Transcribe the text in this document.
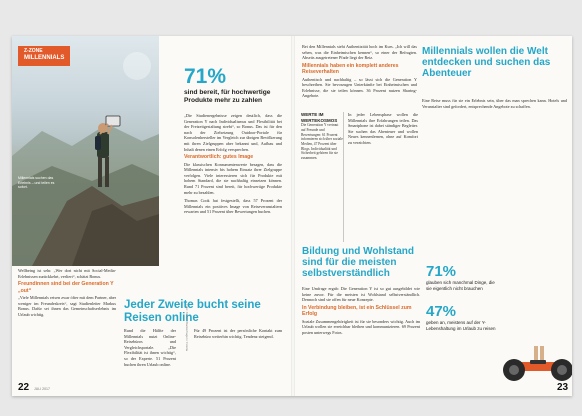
Z-ZONE
MILLENNIALS
Millennials suchen das Erlebnis – und teilen es sofort.
71%
sind bereit, für hochwertige Produkte mehr zu zahlen

„Die Studienergebnisse zeigen deutlich, dass die Generation Y nach Individualismus und Flexibilität bei der Freizeitgestaltung strebt“, so Bonus. Das ist für den nach der Zielsetzung Outdoor-Portale für Konsolenhersteller im Vergleich zur übrigen Bevölkerung mit ihren Zielgruppen aber bekannt und, Aufbau und Inhalt denen einen Erfolg versprechen.

Verantwortlich: gutes Image

Die klassischen Konsumentenwerte besagen, dass die Millennials intensiv bis hohem Einsatz ihrer Zielgruppe verfolgen. Viele interessieren sich für Produkte mit hohem Standard, die sie nachhaltig einsetzen können. Rund 71 Prozent sind bereit, für hochwertige Produkte mehr zu bezahlen.

Thomas Cook hat festgestellt, dass 57 Prozent der Millennials ein positives Image von Reiseveranstaltern erwarten und 51 Prozent über Bewertungen buchen.

Wellbeing ist sehr. „Wer dort nicht mit Social-Media-Erlebnissen zurückkehrt, verliert“, schätzt Bonus.

Freundinnen sind bei der Generation Y „out“

„Viele Millennials reisen zwar öfter mit dem Partner, aber weniger im Freundeskreis“, sagt Studienleiter Markus Bonus. Dafür sei ihnen das Gemeinschaftserlebnis im Urlaub wichtig.

Jeder Zweite bucht seine Reisen online

Rund die Hälfte der Millennials nutzt Online-Reisebüros und Vergleichsportale. „Die Flexibilität ist ihnen wichtig“, so der Experte. 51 Prozent buchen ihren Urlaub online.

Für 49 Prozent ist der persönliche Kontakt zum Reisebüro weiterhin wichtig. Tendenz steigend.

Foto: Stefan Wackerhagen / Fotolia
22 JULI 2017

Bei den Millennials steht Authentizität hoch im Kurs. „Ich will das sehen, was die Einheimischen kennen“, so einer der Befragten. Abseits ausgetretener Pfade liegt der Reiz.

Millennials haben ein komplett anderes Reiseverhalten

Authentisch und nachhaltig – so lässt sich die Generation Y beschreiben. Sie bevorzugen Unterkünfte bei Einheimischen und Erlebnisse, die sie teilen können. 36 Prozent nutzen Sharing-Angebote.

Millennials wollen die Welt entdecken und suchen das Abenteuer
WERTE IM WERTEKOSMOS
Die Generation Y vertraut auf Freunde und Bewertungen: 61 Prozent informieren sich über soziale Medien, 47 Prozent über Blogs. Individualität und Sicherheit gehören für sie zusammen.

In jeder Lebensphase wollen die Millennials ihre Erfahrungen teilen. Das Smartphone ist dabei ständiger Begleiter. Sie suchen das Abenteuer und wollen Neues kennenlernen, ohne auf Komfort zu verzichten.

Eine Reise muss für sie ein Erlebnis sein, über das man sprechen kann. Hotels und Veranstalter sind gefordert, entsprechende Angebote zu schaffen.

Bildung und Wohlstand sind für die meisten selbstverständlich

Eine Umfrage ergab: Die Generation Y ist so gut ausgebildet wie keine zuvor. Für die meisten ist Wohlstand selbstverständlich. Dennoch sind sie offen für neue Konzepte.

In Verbindung bleiben, ist ein Schlüssel zum Erfolg

Soziale Zusammengehörigkeit ist für sie besonders wichtig. Auch im Urlaub wollen sie erreichbar bleiben und kommunizieren. 69 Prozent posten unterwegs Fotos.

71%
glauben sich manchmal Dinge, die sie eigentlich nicht brauchen
47%
geben an, meistens auf der Y-Lebenshaltung im Urlaub zu reisen
23
